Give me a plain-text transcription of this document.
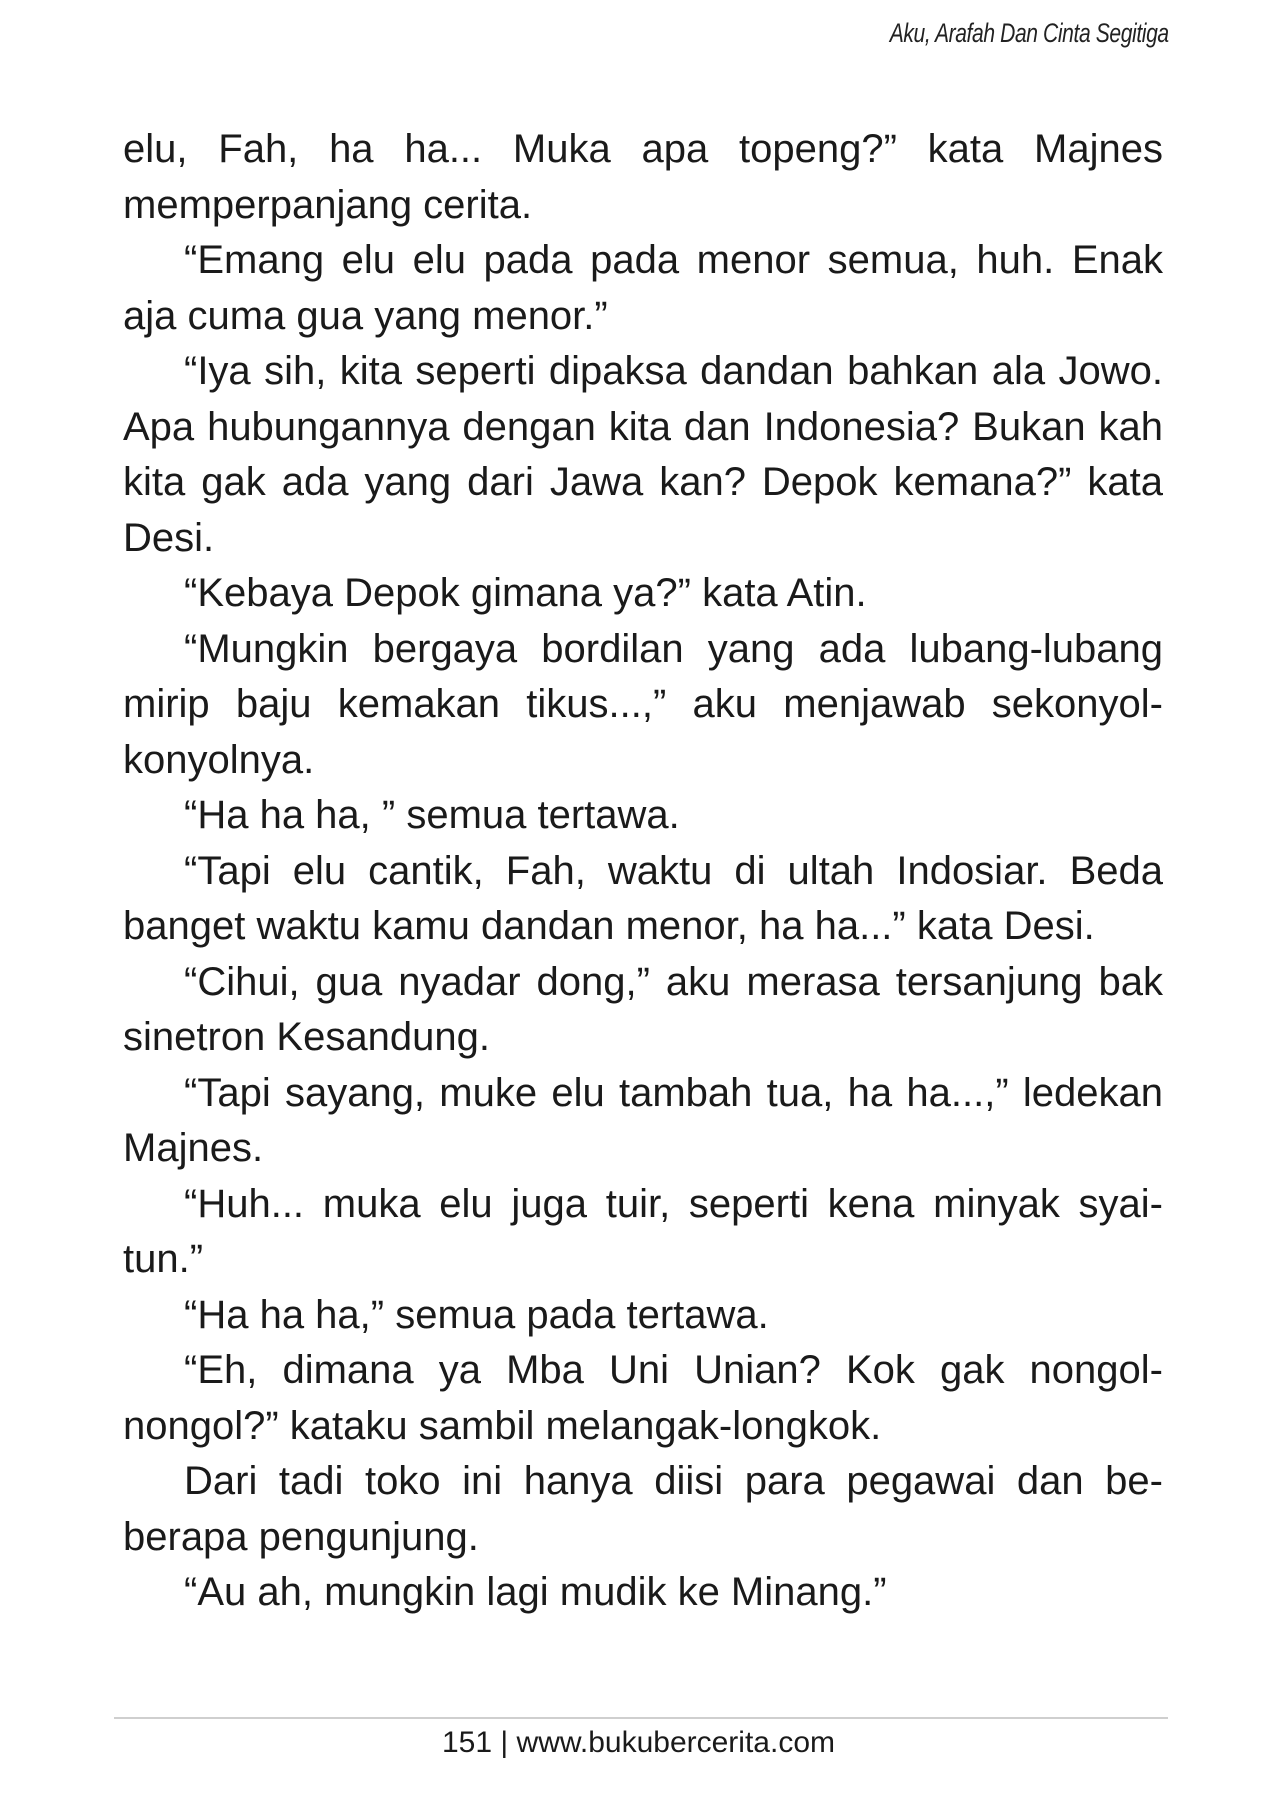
Aku, Arafah Dan Cinta Segitiga

elu, Fah, ha ha... Muka apa topeng?” kata Majnes memperpanjang cerita.

“Emang elu elu pada pada menor semua, huh. Enak aja cuma gua yang menor.”

“Iya sih, kita seperti dipaksa dandan bahkan ala Jowo. Apa hubungannya dengan kita dan Indonesia? Bukan kah kita gak ada yang dari Jawa kan? Depok kemana?” kata Desi.

“Kebaya Depok gimana ya?” kata Atin.

“Mungkin bergaya bordilan yang ada lubang-lubang mirip baju kemakan tikus...,” aku menjawab sekonyol-konyolnya.

“Ha ha ha, ” semua tertawa.

“Tapi elu cantik, Fah, waktu di ultah Indosiar. Beda banget waktu kamu dandan menor, ha ha...” kata Desi.

“Cihui, gua nyadar dong,” aku merasa tersanjung bak sinetron Kesandung.

“Tapi sayang, muke elu tambah tua, ha ha...,” ledekan Majnes.

“Huh... muka elu juga tuir, seperti kena minyak syai-tun.”

“Ha ha ha,” semua pada tertawa.

“Eh, dimana ya Mba Uni Unian? Kok gak nongol-nongol?” kataku sambil melangak-longkok.

Dari tadi toko ini hanya diisi para pegawai dan be-berapa pengunjung.

“Au ah, mungkin lagi mudik ke Minang.”

151 | www.bukubercerita.com
